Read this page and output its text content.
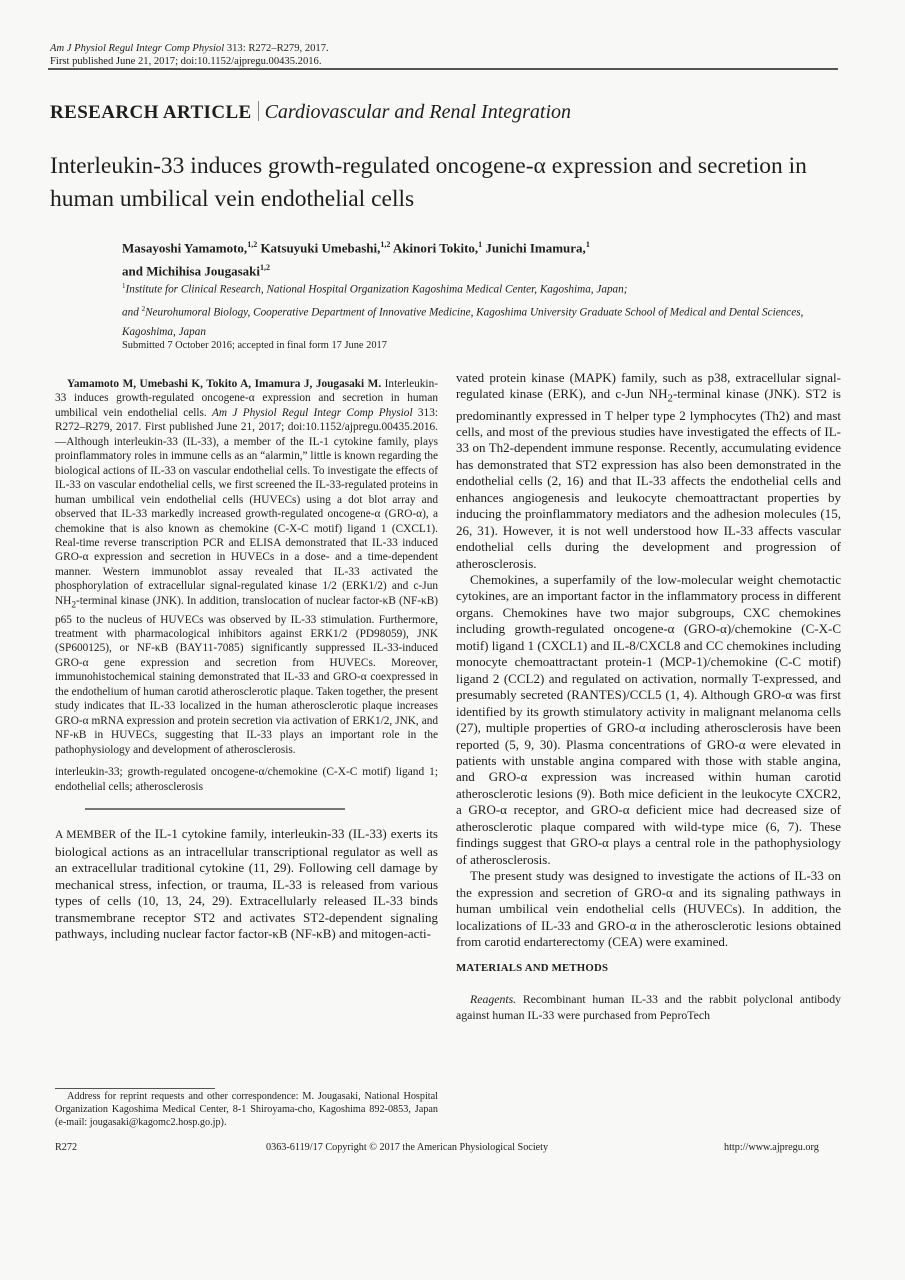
Am J Physiol Regul Integr Comp Physiol 313: R272–R279, 2017.
First published June 21, 2017; doi:10.1152/ajpregu.00435.2016.
RESEARCH ARTICLE Cardiovascular and Renal Integration
Interleukin-33 induces growth-regulated oncogene-α expression and secretion in human umbilical vein endothelial cells
Masayoshi Yamamoto,$^{1,2}$ Katsuyuki Umebashi,$^{1,2}$ Akinori Tokito,$^1$ Junichi Imamura,$^1$
and Michihisa Jougasaki$^{1,2}$
$^1$Institute for Clinical Research, National Hospital Organization Kagoshima Medical Center, Kagoshima, Japan;
and $^2$Neurohumoral Biology, Cooperative Department of Innovative Medicine, Kagoshima University Graduate School of Medical and Dental Sciences, Kagoshima, Japan
Submitted 7 October 2016; accepted in final form 17 June 2017
Yamamoto M, Umebashi K, Tokito A, Imamura J, Jougasaki M. Interleukin-33 induces growth-regulated oncogene-α expression and secretion in human umbilical vein endothelial cells. Am J Physiol Regul Integr Comp Physiol 313: R272–R279, 2017. First published June 21, 2017; doi:10.1152/ajpregu.00435.2016.—Although interleukin-33 (IL-33), a member of the IL-1 cytokine family, plays proinflammatory roles in immune cells as an “alarmin,” little is known regarding the biological actions of IL-33 on vascular endothelial cells. To investigate the effects of IL-33 on vascular endothelial cells, we first screened the IL-33-regulated proteins in human umbilical vein endothelial cells (HUVECs) using a dot blot array and observed that IL-33 markedly increased growth-regulated oncogene-α (GRO-α), a chemokine that is also known as chemokine (C-X-C motif) ligand 1 (CXCL1). Real-time reverse transcription PCR and ELISA demonstrated that IL-33 induced GRO-α expression and secretion in HUVECs in a dose- and a time-dependent manner. Western immunoblot assay revealed that IL-33 activated the phosphorylation of extracellular signal-regulated kinase 1/2 (ERK1/2) and c-Jun $NH_2$-terminal kinase (JNK). In addition, translocation of nuclear factor-κB (NF-κB) p65 to the nucleus of HUVECs was observed by IL-33 stimulation. Furthermore, treatment with pharmacological inhibitors against ERK1/2 (PD98059), JNK (SP600125), or NF-κB (BAY11-7085) significantly suppressed IL-33-induced GRO-α gene expression and secretion from HUVECs. Moreover, immunohistochemical staining demonstrated that IL-33 and GRO-α coexpressed in the endothelium of human carotid atherosclerotic plaque. Taken together, the present study indicates that IL-33 localized in the human atherosclerotic plaque increases GRO-α mRNA expression and protein secretion via activation of ERK1/2, JNK, and NF-κB in HUVECs, suggesting that IL-33 plays an important role in the pathophysiology and development of atherosclerosis.
interleukin-33; growth-regulated oncogene-α/chemokine (C-X-C motif) ligand 1; endothelial cells; atherosclerosis
A MEMBER of the IL-1 cytokine family, interleukin-33 (IL-33) exerts its biological actions as an intracellular transcriptional regulator as well as an extracellular traditional cytokine (11, 29). Following cell damage by mechanical stress, infection, or trauma, IL-33 is released from various types of cells (10, 13, 24, 29). Extracellularly released IL-33 binds transmembrane receptor ST2 and activates ST2-dependent signaling pathways, including nuclear factor factor-κB (NF-κB) and mitogen-acti-
vated protein kinase (MAPK) family, such as p38, extracellular signal-regulated kinase (ERK), and c-Jun $NH_2$-terminal kinase (JNK). ST2 is predominantly expressed in T helper type 2 lymphocytes (Th2) and mast cells, and most of the previous studies have investigated the effects of IL-33 on Th2-dependent immune response. Recently, accumulating evidence has demonstrated that ST2 expression has also been demonstrated in the endothelial cells (2, 16) and that IL-33 affects the endothelial cells and enhances angiogenesis and leukocyte chemoattractant properties by inducing the proinflammatory mediators and the adhesion molecules (15, 26, 31). However, it is not well understood how IL-33 affects vascular endothelial cells during the development and progression of atherosclerosis.

Chemokines, a superfamily of the low-molecular weight chemotactic cytokines, are an important factor in the inflammatory process in different organs. Chemokines have two major subgroups, CXC chemokines including growth-regulated oncogene-α (GRO-α)/chemokine (C-X-C motif) ligand 1 (CXCL1) and IL-8/CXCL8 and CC chemokines including monocyte chemoattractant protein-1 (MCP-1)/chemokine (C-C motif) ligand 2 (CCL2) and regulated on activation, normally T-expressed, and presumably secreted (RANTES)/CCL5 (1, 4). Although GRO-α was first identified by its growth stimulatory activity in malignant melanoma cells (27), multiple properties of GRO-α including atherosclerosis have been reported (5, 9, 30). Plasma concentrations of GRO-α were elevated in patients with unstable angina compared with those with stable angina, and GRO-α expression was increased within human carotid atherosclerotic lesions (9). Both mice deficient in the leukocyte CXCR2, a GRO-α receptor, and GRO-α deficient mice had decreased size of atherosclerotic plaque compared with wild-type mice (6, 7). These findings suggest that GRO-α plays a central role in the pathophysiology of atherosclerosis.

The present study was designed to investigate the actions of IL-33 on the expression and secretion of GRO-α and its signaling pathways in human umbilical vein endothelial cells (HUVECs). In addition, the localizations of IL-33 and GRO-α in the atherosclerotic lesions obtained from carotid endarterectomy (CEA) were examined.

MATERIALS AND METHODS
Reagents. Recombinant human IL-33 and the rabbit polyclonal antibody against human IL-33 were purchased from PeproTech
Address for reprint requests and other correspondence: M. Jougasaki, National Hospital Organization Kagoshima Medical Center, 8-1 Shiroyama-cho, Kagoshima 892-0853, Japan (e-mail: jougasaki@kagomc2.hosp.go.jp).
R272	0363-6119/17 Copyright © 2017 the American Physiological Society	http://www.ajpregu.org
